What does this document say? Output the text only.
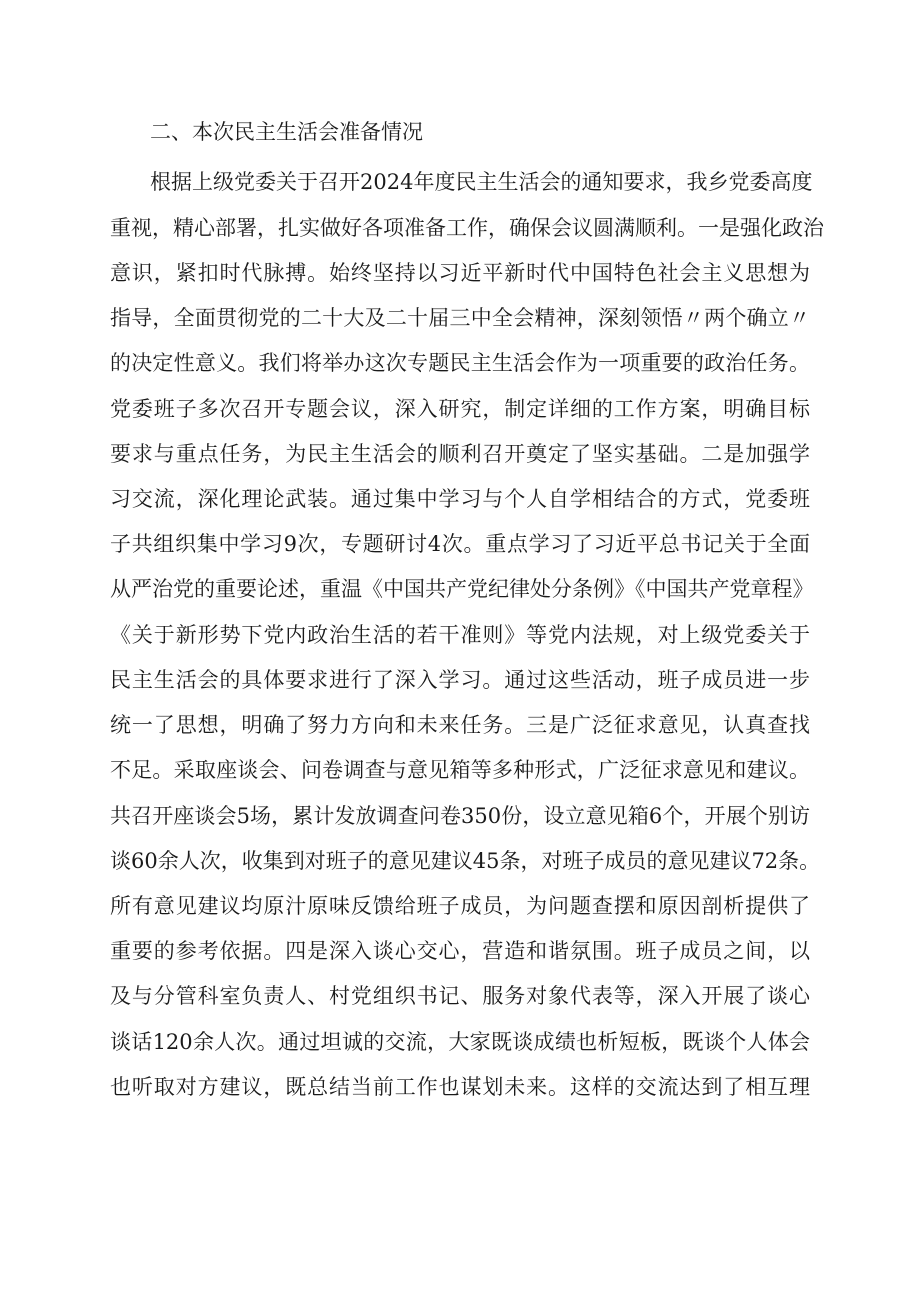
二、本次民主生活会准备情况
根据上级党委关于召开2024年度民主生活会的通知要求，我乡党委高度
重视，精心部署，扎实做好各项准备工作，确保会议圆满顺利。一是强化政治
意识，紧扣时代脉搏。始终坚持以习近平新时代中国特色社会主义思想为
指导，全面贯彻党的二十大及二十届三中全会精神，深刻领悟〃两个确立〃
的决定性意义。我们将举办这次专题民主生活会作为一项重要的政治任务。
党委班子多次召开专题会议，深入研究，制定详细的工作方案，明确目标
要求与重点任务，为民主生活会的顺利召开奠定了坚实基础。二是加强学
习交流，深化理论武装。通过集中学习与个人自学相结合的方式，党委班
子共组织集中学习9次，专题研讨4次。重点学习了习近平总书记关于全面
从严治党的重要论述，重温《中国共产党纪律处分条例》《中国共产党章程》
《关于新形势下党内政治生活的若干准则》等党内法规，对上级党委关于
民主生活会的具体要求进行了深入学习。通过这些活动，班子成员进一步
统一了思想，明确了努力方向和未来任务。三是广泛征求意见，认真查找
不足。采取座谈会、问卷调查与意见箱等多种形式，广泛征求意见和建议。
共召开座谈会5场，累计发放调查问卷350份，设立意见箱6个，开展个别访
谈60余人次，收集到对班子的意见建议45条，对班子成员的意见建议72条。
所有意见建议均原汁原味反馈给班子成员，为问题查摆和原因剖析提供了
重要的参考依据。四是深入谈心交心，营造和谐氛围。班子成员之间，以
及与分管科室负责人、村党组织书记、服务对象代表等，深入开展了谈心
谈话120余人次。通过坦诚的交流，大家既谈成绩也析短板，既谈个人体会
也听取对方建议，既总结当前工作也谋划未来。这样的交流达到了相互理
